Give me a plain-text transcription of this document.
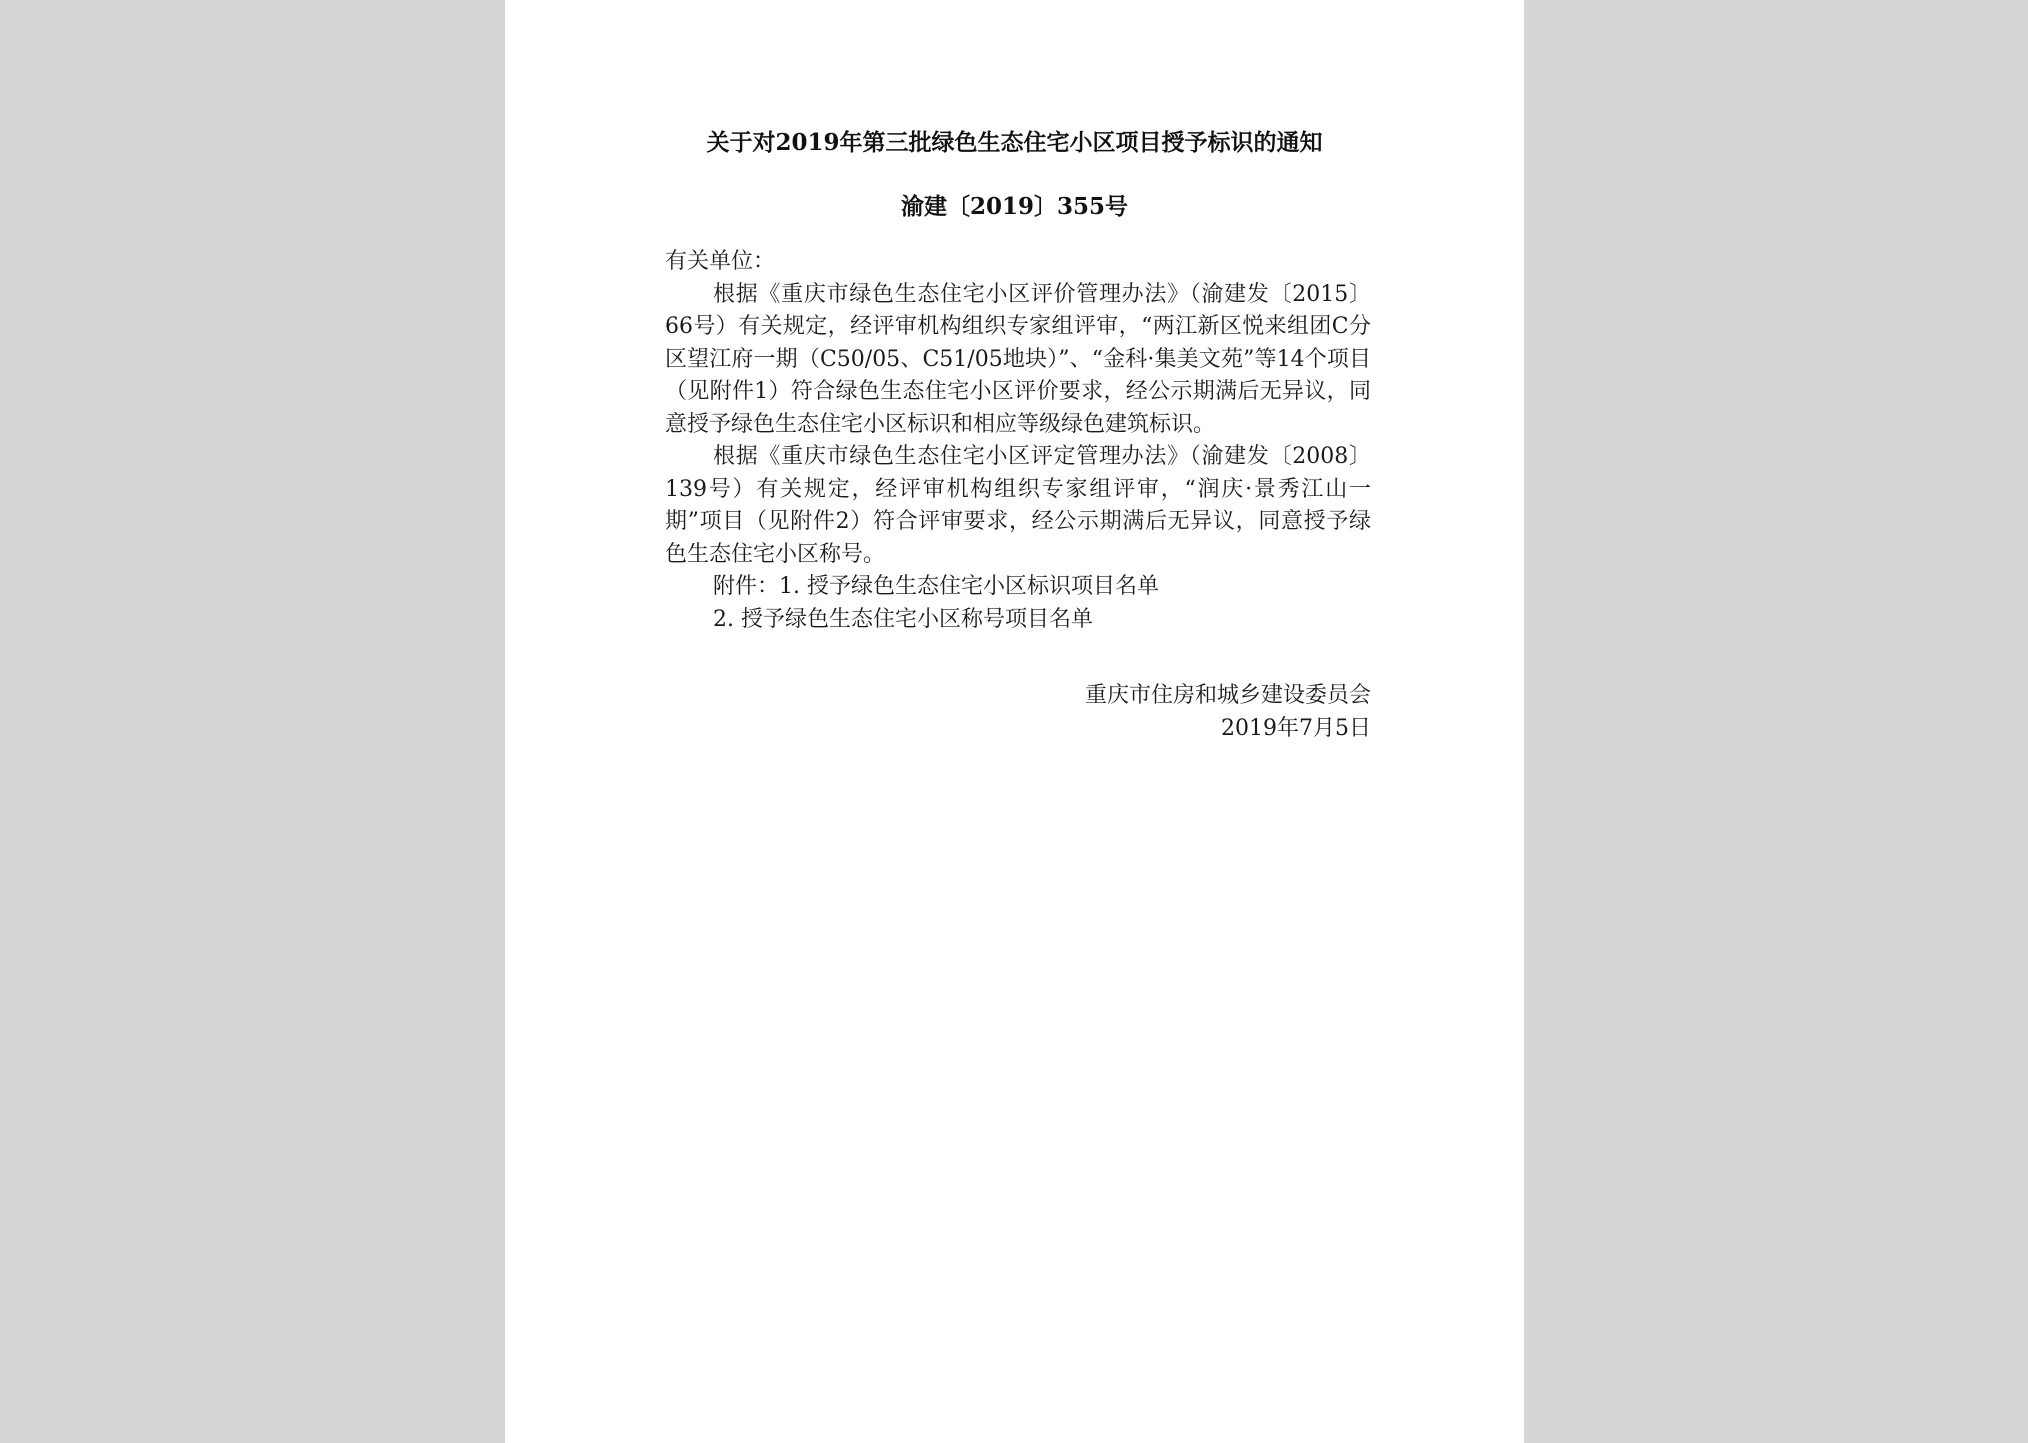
关于对2019年第三批绿色生态住宅小区项目授予标识的通知
渝建〔2019〕355号

有关单位：

根据《重庆市绿色生态住宅小区评价管理办法》（渝建发〔2015〕66号）有关规定，经评审机构组织专家组评审，“两江新区悦来组团C分区望江府一期（C50/05、C51/05地块）”、“金科·集美文苑”等14个项目（见附件1）符合绿色生态住宅小区评价要求，经公示期满后无异议，同意授予绿色生态住宅小区标识和相应等级绿色建筑标识。

根据《重庆市绿色生态住宅小区评定管理办法》（渝建发〔2008〕139号）有关规定，经评审机构组织专家组评审，“润庆·景秀江山一期”项目（见附件2）符合评审要求，经公示期满后无异议，同意授予绿色生态住宅小区称号。

附件：1. 授予绿色生态住宅小区标识项目名单

2. 授予绿色生态住宅小区称号项目名单

重庆市住房和城乡建设委员会
2019年7月5日
